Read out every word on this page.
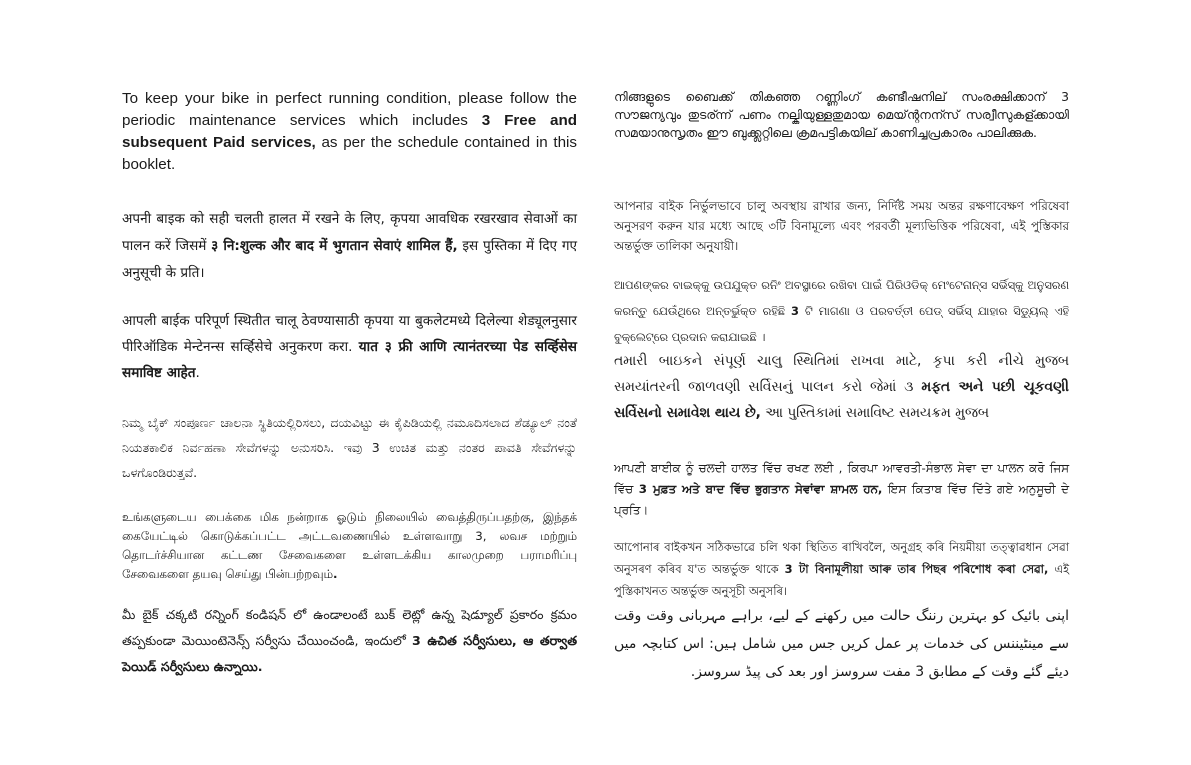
To keep your bike in perfect running condition, please follow the periodic maintenance services which includes 3 Free and subsequent Paid services, as per the schedule contained in this booklet.

अपनी बाइक को सही चलती हालत में रखने के लिए, कृपया आवधिक रखरखाव सेवाओं का पालन करें जिसमें ३ नि:शुल्क और बाद में भुगतान सेवाएं शामिल हैं, इस पुस्तिका में दिए गए अनुसूची के प्रति।

आपली बाईक परिपूर्ण स्थितीत चालू ठेवण्यासाठी कृपया या बुकलेटमध्ये दिलेल्या शेड्यूलनुसार पीरिऑडिक मेन्टेनन्स सर्व्हिसेचे अनुकरण करा. यात ३ फ्री आणि त्यानंतरच्या पेड सर्व्हिसेस समाविष्ट आहेत.

ನಿಮ್ಮ ಬೈಕ್ ಸಂಪೂರ್ಣ ಚಾಲನಾ ಸ್ಥಿತಿಯಲ್ಲಿರಿಸಲು, ದಯವಿಟ್ಟು ಈ ಕೈಪಿಡಿಯಲ್ಲಿ ನಮೂದಿಸಲಾದ ಶೆಡ್ಯೂಲ್ ನಂತೆ ನಿಯತಕಾಲಿಕ ನಿರ್ವಹಣಾ ಸೇವೆಗಳನ್ನು ಅನುಸರಿಸಿ. ಇವು 3 ಉಚಿತ ಮತ್ತು ನಂತರ ಪಾವತಿ ಸೇವೆಗಳನ್ನು ಒಳಗೊಂಡಿರುತ್ತವೆ.

உங்களுடைய பைக்கை மிக நன்றாக ஓடும் நிலையில் வைத்திருப்பதற்கு, இந்தக் கையேட்டில் கொடுக்கப்பட்ட அட்டவணையில் உள்ளவாறு 3, லவச மற்றும் தொடர்ச்சியான கட்டண சேவைகளை உள்ளடக்கிய காலமுறை பராமரிப்பு சேவைகளை தயவு செய்து பின்பற்றவும்.

మీ బైక్ చక్కటి రన్నింగ్ కండిషన్ లో ఉండాలంటే బుక్ లెట్లో ఉన్న షెడ్యూల్ ప్రకారం క్రమం తప్పకుండా మెయింటెనెన్స్ సర్వీసు చేయించండి, ఇందులో 3 ఉచిత సర్వీసులు, ఆ తర్వాత పెయిడ్ సర్వీసులు ఉన్నాయి.

നിങ്ങളുടെ ബൈക്ക് തികഞ്ഞ റണ്ണിംഗ് കണ്ടീഷനില് സംരക്ഷിക്കാന് 3 സൗജന്യവും തുടര്ന്ന് പണം നല്കിയുള്ളതുമായ മെയ്ന്റനന്സ് സര്വീസുകള്ക്കായി സമയാനുസൃതം ഈ ബുക്ക്ലറ്റിലെ ക്രമപട്ടികയില് കാണിച്ചപ്രകാരം പാലിക്കുക.

আপনার বাইক নির্ভুলভাবে চালু অবস্থায় রাখার জন্য, নির্দিষ্ট সময় অন্তর রক্ষণাবেক্ষণ পরিষেবা অনুসরণ করুন যার মধ্যে আছে ৩টি বিনামূল্যে এবং পরবর্তী মূল্যভিত্তিক পরিষেবা, এই পুস্তিকার অন্তর্ভুক্ত তালিকা অনুযায়ী।

ଆପଣଙ୍କର ବାଇକ୍‌କୁ ଉପଯୁକ୍ତ ରନିଂ ଅବସ୍ଥାରେ ରଖିବା ପାଇଁ ପିରିଓଡିକ୍ ମେଂଟେନାନ୍‌ସ ସର୍ଭିସ୍‌କୁ ଅନୁସରଣ କରନ୍ତୁ ଯେଉଁଥିରେ ଅନ୍ତର୍ଭୁକ୍ତ ରହିଛି 3 ଟି ମାଗଣା ଓ ପରବର୍ତ୍ତୀ ପେଡ୍ ସର୍ଭିସ୍ ଯାହାର ସିଡ୍ୟୁଲ୍ ଏହି ବୁକ୍‌ଲେଟ୍‌ରେ ପ୍ରଦାନ କରାଯାଇଛି ।

તમારી બાઇકને સંપૂર્ણ ચાલુ સ્થિતિમાં રાખવા માટે, કૃપા કરી નીચે મુજબ સમયાંતરની જાળવણી સર્વિસનું પાલન કરો જેમાં ૩ મફત અને પછી ચૂકવણી સર્વિસનો સમાવેશ થાય છે, આ પુસ્તિકામાં સમાવિષ્ટ સમયક્રમ મુજબ

ਆਪਣੀ ਬਾਈਕ ਨੂੰ ਚਲਦੀ ਹਾਲਤ ਵਿੱਚ ਰਖਣ ਲਈ , ਕਿਰਪਾ ਆਵਰਤੀ-ਸੰਭਾਲ ਸੇਵਾ ਦਾ ਪਾਲਨ ਕਰੋ ਜਿਸ ਵਿੱਚ 3 ਮੁਫ਼ਤ ਅਤੇ ਬਾਦ ਵਿੱਚ ਭੁਗਤਾਨ ਸੇਵਾਂਵਾ ਸ਼ਾਮਲ ਹਨ, ਇਸ ਕਿਤਾਬ ਵਿੱਚ ਦਿੱਤੇ ਗਏ ਅਨੁਸੂਚੀ ਦੇ ਪ੍ਰਤਿ।

আপোনাৰ বাইকখন সঠিকভাৱে চলি থকা স্থিতিত ৰাখিবলৈ, অনুগ্ৰহ কৰি নিয়মীয়া তত্ত্বাৱধান সেৱা অনুসৰণ কৰিব য'ত অন্তৰ্ভুক্ত থাকে 3 টা বিনামূলীয়া আৰু তাৰ পিছৰ পৰিশোধ কৰা সেৱা, এই পুস্তিকাখনত অন্তৰ্ভুক্ত অনুসূচী অনুসৰি।

اپنی بائیک کو بہترین رننگ حالت میں رکھنے کے لیے، براہے مہربانی وقت وقت سے مینٹیننس کی خدمات پر عمل کریں جس میں شامل ہیں: اس کتابچہ میں دیئے گئے وقت کے مطابق 3 مفت سروسز اور بعد کی پیڈ سروسز.
